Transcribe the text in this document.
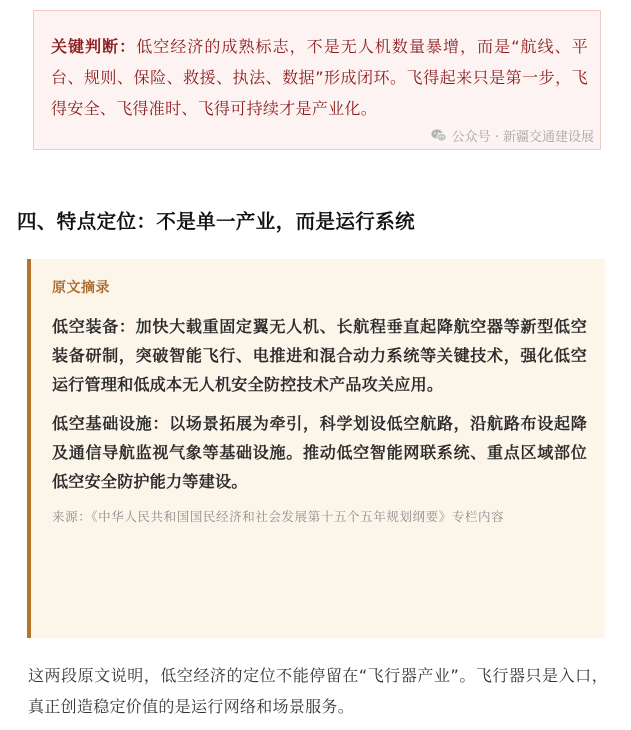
关键判断：低空经济的成熟标志，不是无人机数量暴增，而是“航线、平台、规则、保险、救援、执法、数据”形成闭环。飞得起来只是第一步，飞得安全、飞得准时、飞得可持续才是产业化。

公众号 · 新疆交通建设展
四、特点定位：不是单一产业，而是运行系统

原文摘录

低空装备：加快大载重固定翼无人机、长航程垂直起降航空器等新型低空装备研制，突破智能飞行、电推进和混合动力系统等关键技术，强化低空运行管理和低成本无人机安全防控技术产品攻关应用。

低空基础设施：以场景拓展为牵引，科学划设低空航路，沿航路布设起降及通信导航监视气象等基础设施。推动低空智能网联系统、重点区域部位低空安全防护能力等建设。

来源：《中华人民共和国国民经济和社会发展第十五个五年规划纲要》专栏内容

这两段原文说明，低空经济的定位不能停留在“飞行器产业”。飞行器只是入口，真正创造稳定价值的是运行网络和场景服务。
